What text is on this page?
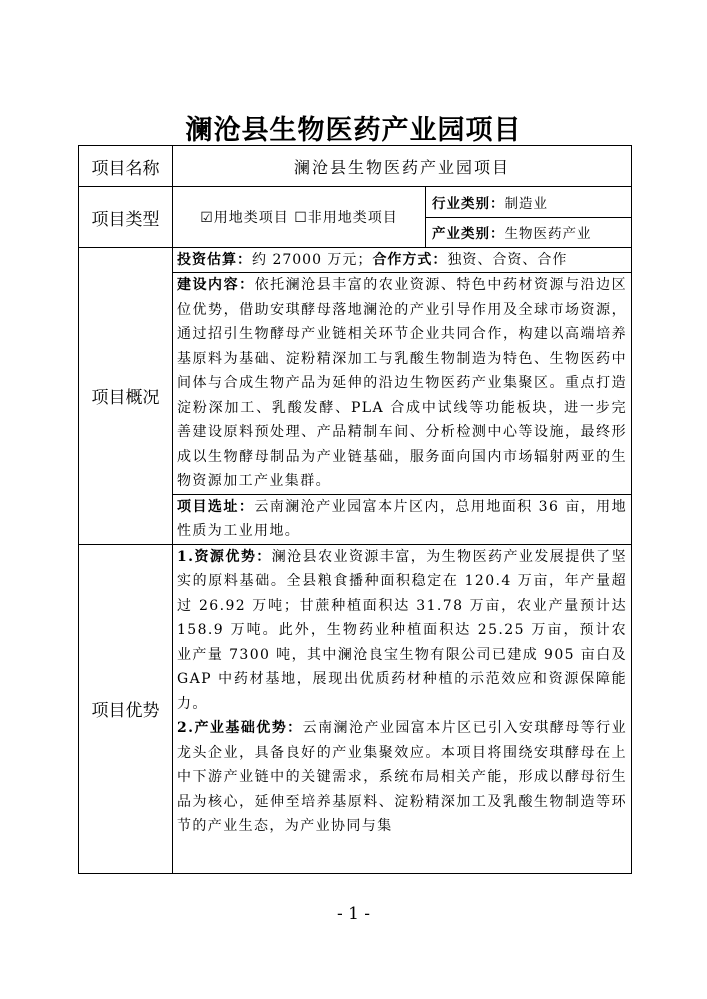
澜沧县生物医药产业园项目
项目名称	澜沧县生物医药产业园项目	
项目类型	☑用地类项目 ☐非用地类项目	行业类别：制造业
		产业类别：生物医药产业
项目概况	投资估算：约 27000 万元；合作方式：独资、合资、合作	
	建设内容：依托澜沧县丰富的农业资源、特色中药材资源与沿边区位优势，借助安琪酵母落地澜沧的产业引导作用及全球市场资源，通过招引生物酵母产业链相关环节企业共同合作，构建以高端培养基原料为基础、淀粉精深加工与乳酸生物制造为特色、生物医药中间体与合成生物产品为延伸的沿边生物医药产业集聚区。重点打造淀粉深加工、乳酸发酵、PLA 合成中试线等功能板块，进一步完善建设原料预处理、产品精制车间、分析检测中心等设施，最终形成以生物酵母制品为产业链基础，服务面向国内市场辐射两亚的生物资源加工产业集群。	
	项目选址：云南澜沧产业园富本片区内，总用地面积 36 亩，用地性质为工业用地。	
项目优势	1.资源优势：澜沧县农业资源丰富，为生物医药产业发展提供了坚实的原料基础。全县粮食播种面积稳定在 120.4 万亩，年产量超过 26.92 万吨；甘蔗种植面积达 31.78 万亩，农业产量预计达 158.9 万吨。此外，生物药业种植面积达 25.25 万亩，预计农业产量 7300 吨，其中澜沧良宝生物有限公司已建成 905 亩白及 GAP 中药材基地，展现出优质药材种植的示范效应和资源保障能力。
2.产业基础优势：云南澜沧产业园富本片区已引入安琪酵母等行业龙头企业，具备良好的产业集聚效应。本项目将围绕安琪酵母在上中下游产业链中的关键需求，系统布局相关产能，形成以酵母衍生品为核心，延伸至培养基原料、淀粉精深加工及乳酸生物制造等环节的产业生态，为产业协同与集	
- 1 -
